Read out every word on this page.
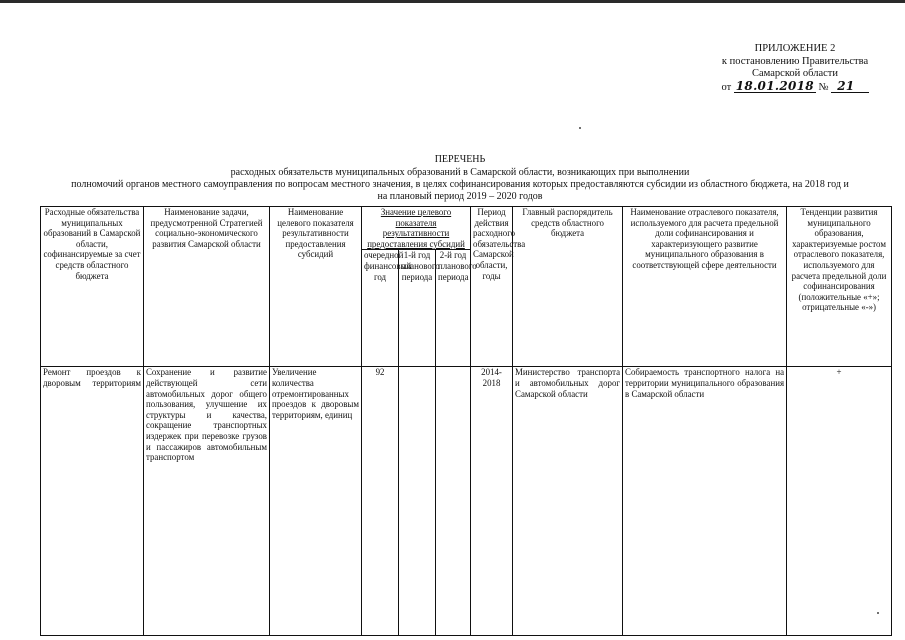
ПРИЛОЖЕНИЕ 2
к постановлению Правительства
Самарской области
от 18.01.2018 № 21
ПЕРЕЧЕНЬ
расходных обязательств муниципальных образований в Самарской области, возникающих при выполнении
полномочий органов местного самоуправления по вопросам местного значения, в целях софинансирования которых предоставляются субсидии из областного бюджета, на 2018 год и на плановый период 2019 – 2020 годов
Расходные обязательства муниципальных образований в Самарской области, софинансируемые за счет средств областного бюджета	Наименование задачи, предусмотренной Стратегией социально-экономического развития Самарской области	Наименование целевого показателя результативности предоставления субсидий	Значение целевого показателя результативности предоставления субсидий			Период действия расходного обязательства Самарской области, годы	Главный распорядитель средств областного бюджета	Наименование отраслевого показателя, используемого для расчета предельной доли софинансирования и характеризующего развитие муниципального образования в соответствующей сфере деятельности	Тенденции развития муниципального образования, характеризуемые ростом отраслевого показателя, используемого для расчета предельной доли софинансирования (положительные «+»; отрицательные «-»)
			очередной финансовый год	1-й год планового периода	2-й год планового периода				
Ремонт проездов к дворовым территориям	Сохранение и развитие действующей сети автомобильных дорог общего пользования, улучшение их структуры и качества, сокращение транспортных издержек при перевозке грузов и пассажиров автомобильным транспортом	Увеличение количества отремонтированных проездов к дворовым территориям, единиц	92			2014-2018	Министерство транспорта и автомобильных дорог Самарской области	Собираемость транспортного налога на территории муниципального образования в Самарской области	+
